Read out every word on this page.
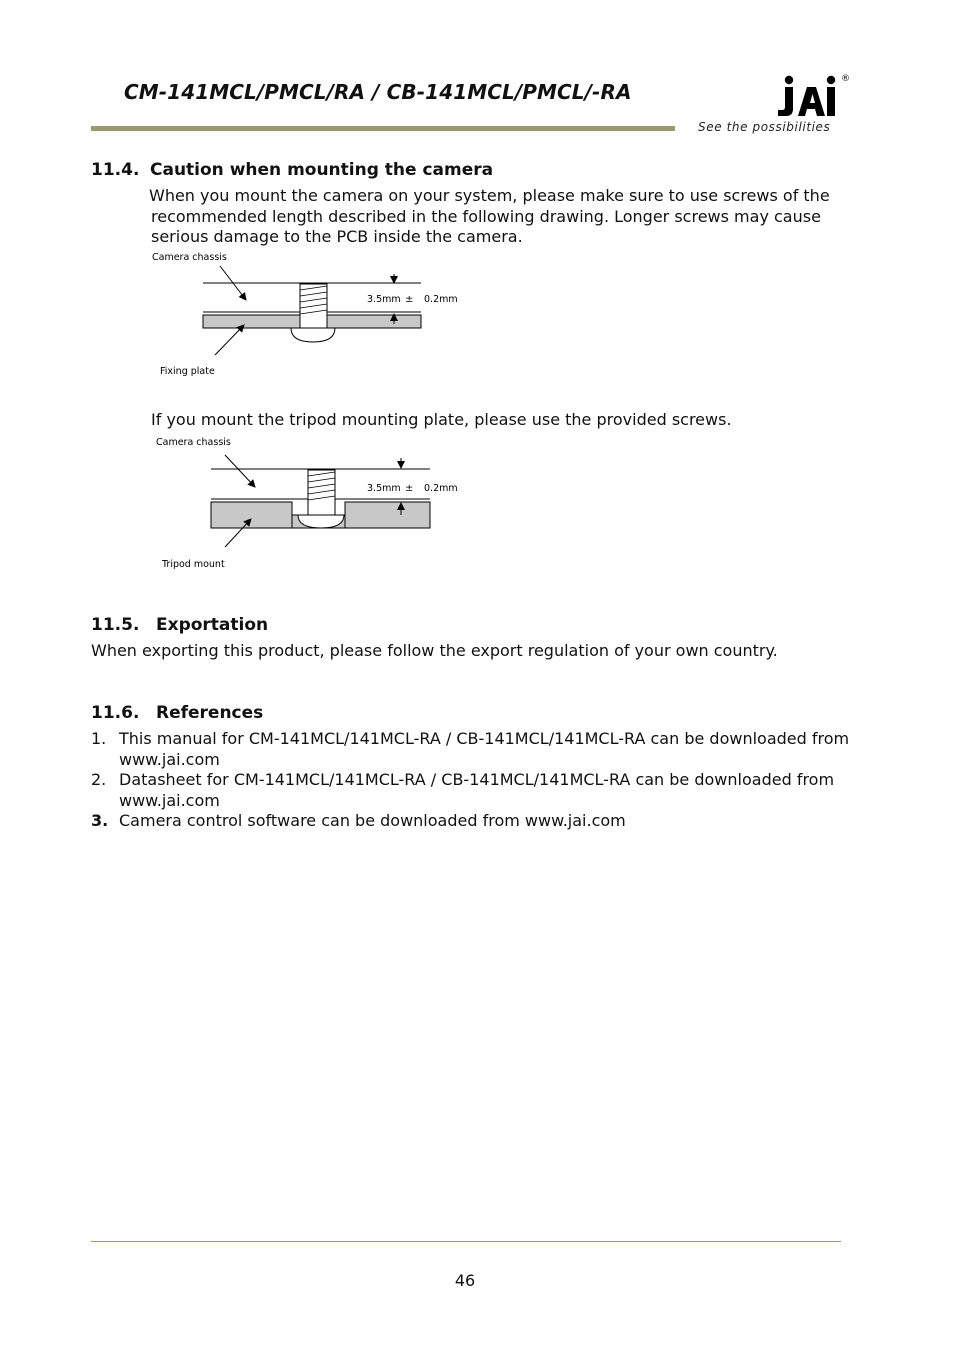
CM-141MCL/PMCL/RA / CB-141MCL/PMCL/-RA
®
See the possibilities
11.4. Caution when mounting the camera
When you mount the camera on your system, please make sure to use screws of the
recommended length described in the following drawing. Longer screws may cause
serious damage to the PCB inside the camera.
Camera chassis
3.5mm ± 0.2mm
Fixing plate
If you mount the tripod mounting plate, please use the provided screws.
Camera chassis
3.5mm ± 0.2mm
Tripod mount
11.5. Exportation
When exporting this product, please follow the export regulation of your own country.
11.6. References
1. This manual for CM-141MCL/141MCL-RA / CB-141MCL/141MCL-RA can be downloaded from
www.jai.com
2. Datasheet for CM-141MCL/141MCL-RA / CB-141MCL/141MCL-RA can be downloaded from
www.jai.com
3. Camera control software can be downloaded from www.jai.com
46
